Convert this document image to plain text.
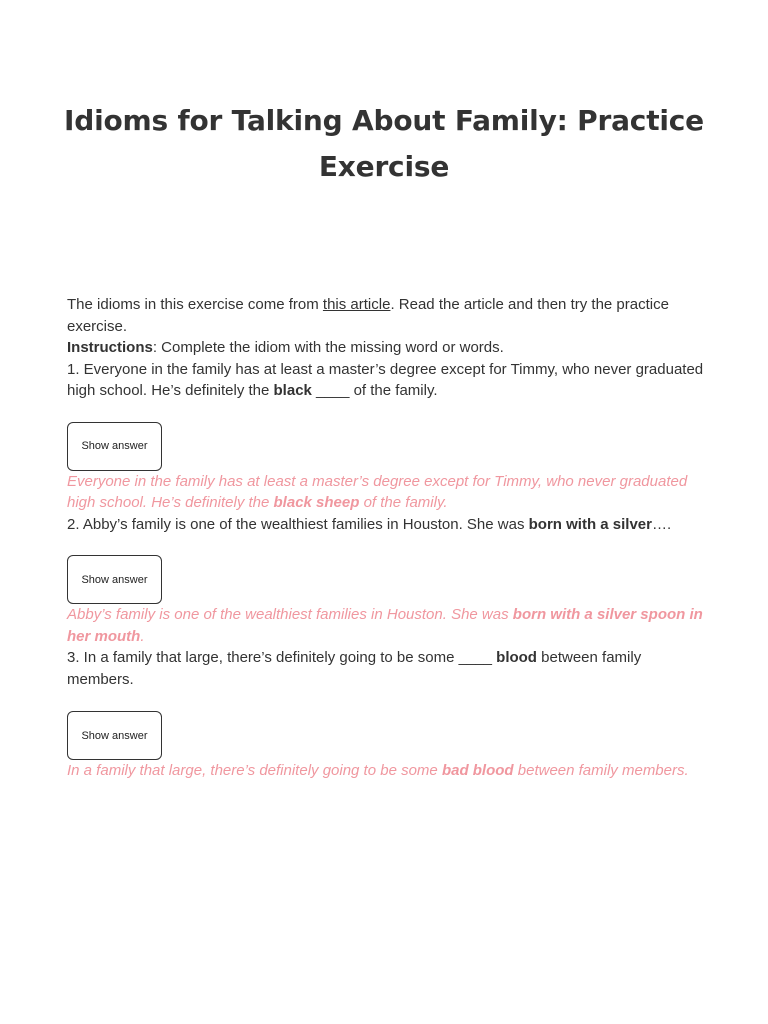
Idioms for Talking About Family: Practice Exercise

The idioms in this exercise come from this article. Read the article and then try the practice exercise.

Instructions: Complete the idiom with the missing word or words.

1. Everyone in the family has at least a master’s degree except for Timmy, who never graduated high school. He’s definitely the black ____ of the family.

Show answer

Everyone in the family has at least a master’s degree except for Timmy, who never graduated high school. He’s definitely the black sheep of the family.

2. Abby’s family is one of the wealthiest families in Houston. She was born with a silver….

Show answer

Abby’s family is one of the wealthiest families in Houston. She was born with a silver spoon in her mouth.

3. In a family that large, there’s definitely going to be some ____ blood between family members.

Show answer

In a family that large, there’s definitely going to be some bad blood between family members.
